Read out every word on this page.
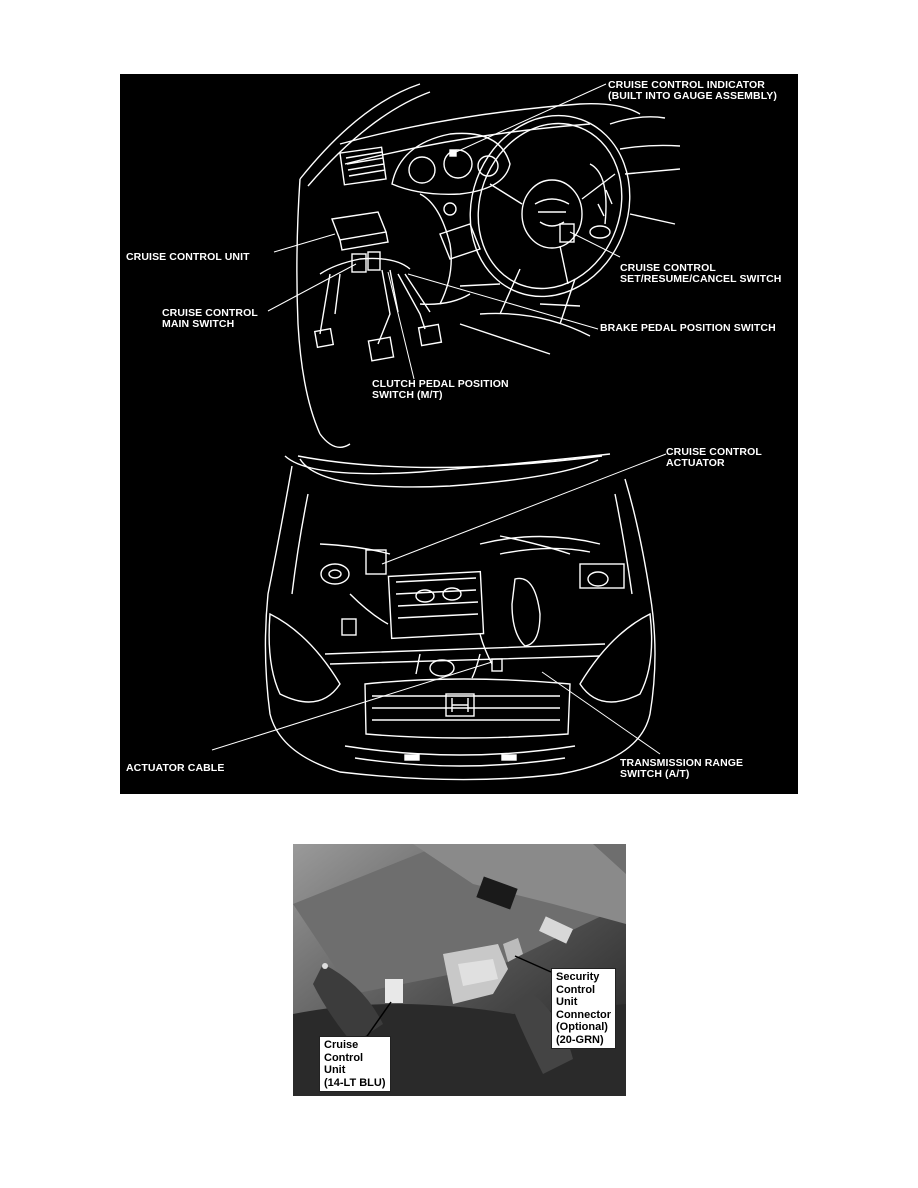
CRUISE CONTROL INDICATOR
(BUILT INTO GAUGE ASSEMBLY)
CRUISE CONTROL UNIT
CRUISE CONTROL
SET/RESUME/CANCEL SWITCH
CRUISE CONTROL
MAIN SWITCH	BRAKE PEDAL POSITION SWITCH
CLUTCH PEDAL POSITION
SWITCH (M/T)
CRUISE CONTROL
ACTUATOR
ACTUATOR CABLE	TRANSMISSION RANGE
SWITCH (A/T)
Security
Control
Unit
Connector
(Optional)
(20-GRN)
Cruise
Control
Unit
(14-LT BLU)
